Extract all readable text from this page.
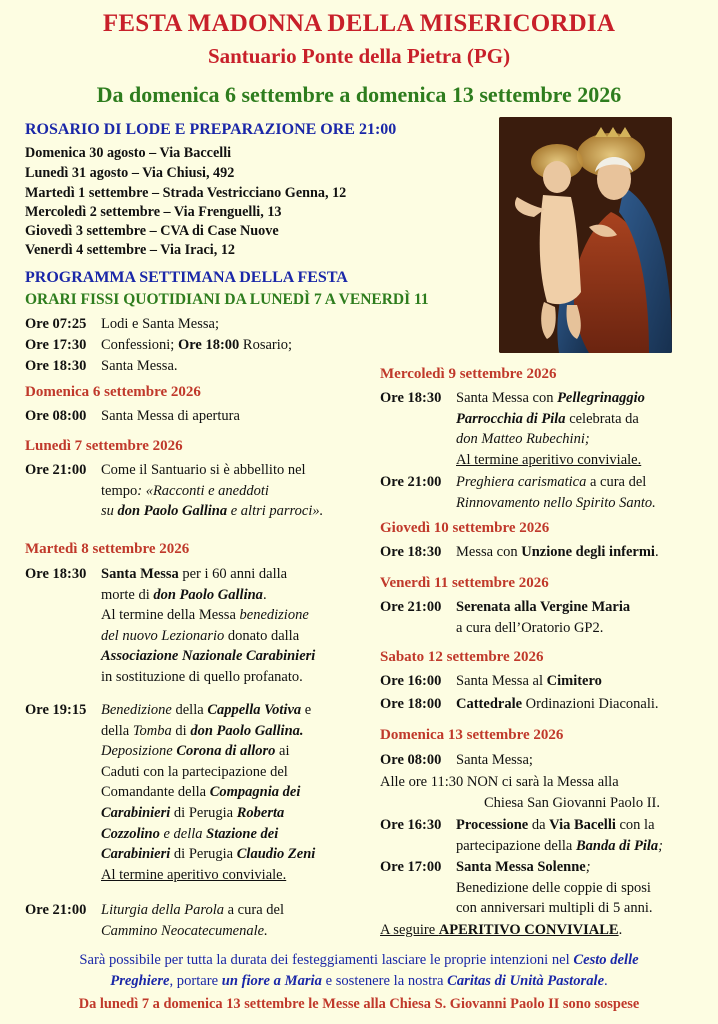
FESTA MADONNA DELLA MISERICORDIA
Santuario Ponte della Pietra (PG)
Da domenica 6 settembre a domenica 13 settembre 2026
ROSARIO DI LODE E PREPARAZIONE ORE 21:00
Domenica 30 agosto – Via Baccelli
Lunedì 31 agosto – Via Chiusi, 492
Martedì 1 settembre – Strada Vestricciano Genna, 12
Mercoledì 2 settembre – Via Frenguelli, 13
Giovedì 3 settembre – CVA di Case Nuove
Venerdì 4 settembre – Via Iraci, 12
PROGRAMMA SETTIMANA DELLA FESTA
ORARI FISSI QUOTIDIANI DA LUNEDÌ 7 A VENERDÌ 11
Ore 07:25 Lodi e Santa Messa;
Ore 17:30 Confessioni; Ore 18:00 Rosario;
Ore 18:30 Santa Messa.
Domenica 6 settembre 2026
Ore 08:00 Santa Messa di apertura
Lunedì 7 settembre 2026
Ore 21:00 Come il Santuario si è abbellito nel
tempo: «Racconti e aneddoti
su don Paolo Gallina e altri parroci».
Martedì 8 settembre 2026
Ore 18:30 Santa Messa per i 60 anni dalla
morte di don Paolo Gallina.
Al termine della Messa benedizione
del nuovo Lezionario donato dalla
Associazione Nazionale Carabinieri
in sostituzione di quello profanato.
Ore 19:15 Benedizione della Cappella Votiva e
della Tomba di don Paolo Gallina.
Deposizione Corona di alloro ai
Caduti con la partecipazione del
Comandante della Compagnia dei
Carabinieri di Perugia Roberta
Cozzolino e della Stazione dei
Carabinieri di Perugia Claudio Zeni
Al termine aperitivo conviviale.
Ore 21:00 Liturgia della Parola a cura del
Cammino Neocatecumenale.
Mercoledì 9 settembre 2026
Ore 18:30 Santa Messa con Pellegrinaggio
Parrocchia di Pila celebrata da
don Matteo Rubechini;
Al termine aperitivo conviviale.
Ore 21:00 Preghiera carismatica a cura del
Rinnovamento nello Spirito Santo.
Giovedì 10 settembre 2026
Ore 18:30 Messa con Unzione degli infermi.
Venerdì 11 settembre 2026
Ore 21:00 Serenata alla Vergine Maria
a cura dell’Oratorio GP2.
Sabato 12 settembre 2026
Ore 16:00 Santa Messa al Cimitero
Ore 18:00 Cattedrale Ordinazioni Diaconali.
Domenica 13 settembre 2026
Ore 08:00 Santa Messa;
Alle ore 11:30 NON ci sarà la Messa alla
Chiesa San Giovanni Paolo II.
Ore 16:30 Processione da Via Bacelli con la
partecipazione della Banda di Pila;
Ore 17:00 Santa Messa Solenne;
Benedizione delle coppie di sposi
con anniversari multipli di 5 anni.
A seguire APERITIVO CONVIVIALE.
Sarà possibile per tutta la durata dei festeggiamenti lasciare le proprie intenzioni nel Cesto delle
Preghiere, portare un fiore a Maria e sostenere la nostra Caritas di Unità Pastorale.
Da lunedì 7 a domenica 13 settembre le Messe alla Chiesa S. Giovanni Paolo II sono sospese
